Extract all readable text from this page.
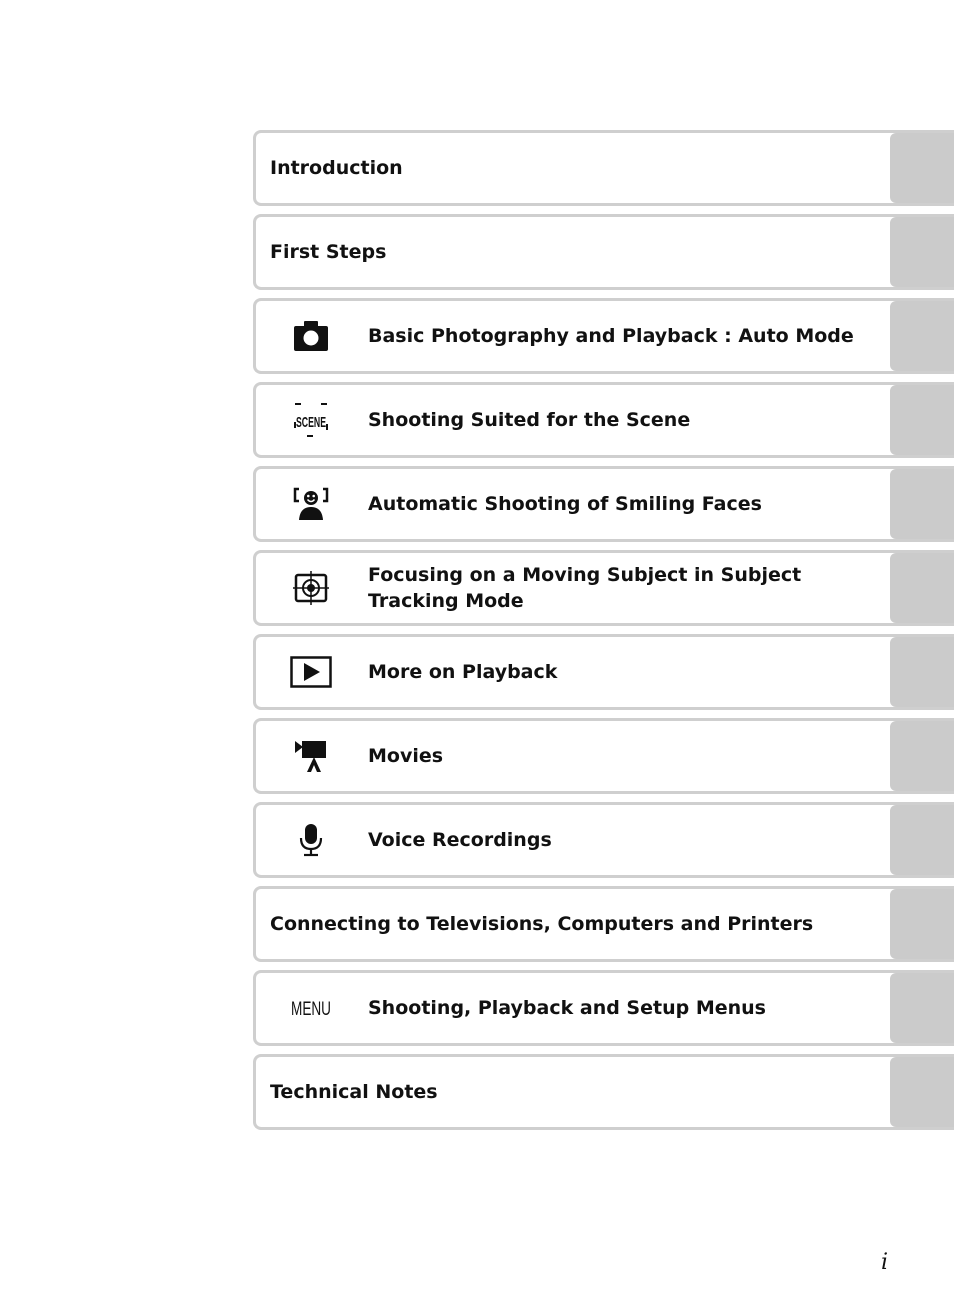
Introduction
First Steps
Basic Photography and Playback : Auto Mode
SCENE Shooting Suited for the Scene
Automatic Shooting of Smiling Faces
Focusing on a Moving Subject in Subject Tracking Mode
More on Playback
Movies
Voice Recordings
Connecting to Televisions, Computers and Printers
MENU Shooting, Playback and Setup Menus
Technical Notes
i
